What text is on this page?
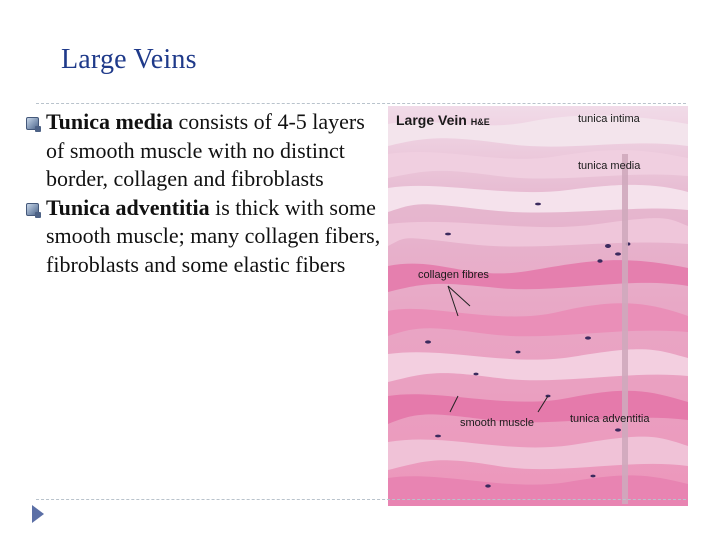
Large Veins

Tunica media consists of 4-5 layers of smooth muscle with no distinct border, collagen and fibroblasts

Tunica adventitia is thick with some smooth muscle; many collagen fibers, fibroblasts and some elastic fibers

Large Vein H&E	tunica intima
tunica media
collagen fibres
smooth muscle	tunica adventitia
